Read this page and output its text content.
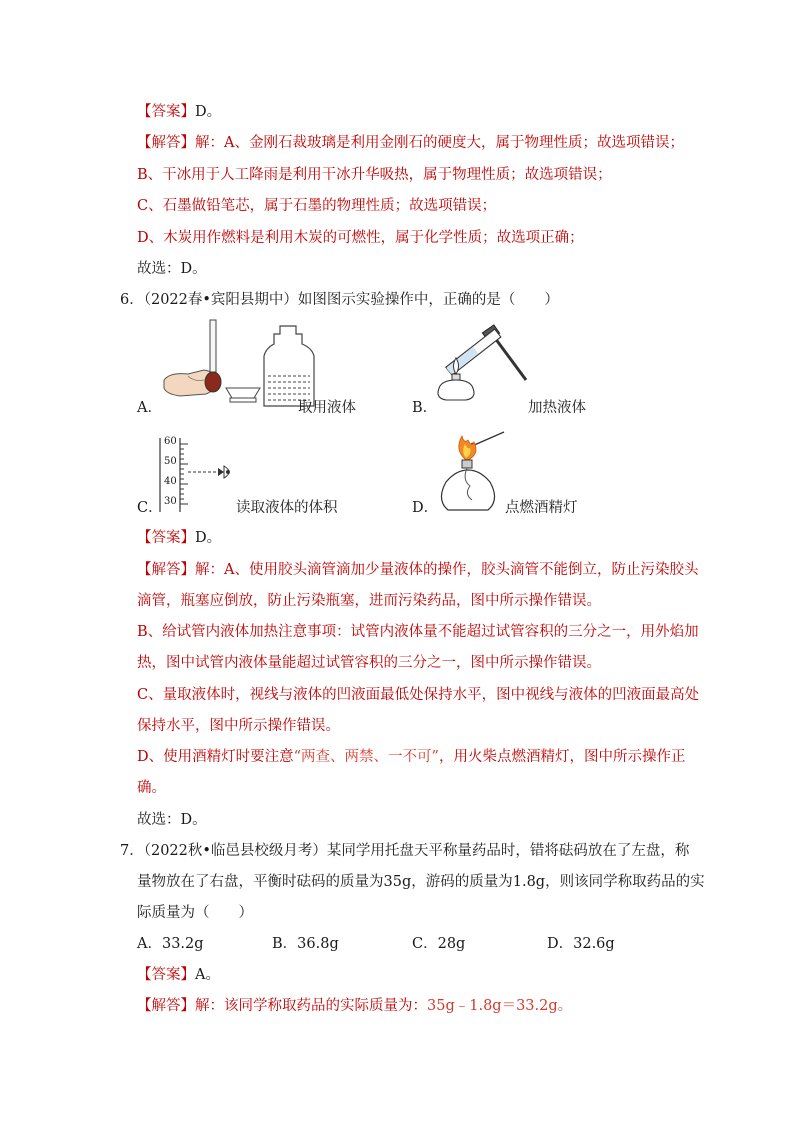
【答案】D。
【解答】解：A、金刚石裁玻璃是利用金刚石的硬度大，属于物理性质；故选项错误；
B、干冰用于人工降雨是利用干冰升华吸热，属于物理性质；故选项错误；
C、石墨做铅笔芯，属于石墨的物理性质；故选项错误；
D、木炭用作燃料是利用木炭的可燃性，属于化学性质；故选项正确；
故选：D。
6．（2022春•宾阳县期中）如图图示实验操作中，正确的是（　　）
A．	取用液体	B．	加热液体
60
50
40
30
C．	读取液体的体积	D．	点燃酒精灯
【答案】D。
【解答】解：A、使用胶头滴管滴加少量液体的操作，胶头滴管不能倒立，防止污染胶头
滴管，瓶塞应倒放，防止污染瓶塞，进而污染药品，图中所示操作错误。
B、给试管内液体加热注意事项：试管内液体量不能超过试管容积的三分之一，用外焰加
热，图中试管内液体量能超过试管容积的三分之一，图中所示操作错误。
C、量取液体时，视线与液体的凹液面最低处保持水平，图中视线与液体的凹液面最高处
保持水平，图中所示操作错误。
D、使用酒精灯时要注意“两查、两禁、一不可”，用火柴点燃酒精灯，图中所示操作正
确。
故选：D。
7．（2022秋•临邑县校级月考）某同学用托盘天平称量药品时，错将砝码放在了左盘，称
量物放在了右盘，平衡时砝码的质量为35g，游码的质量为1.8g，则该同学称取药品的实
际质量为（　　）
A．33.2g	B．36.8g	C．28g	D．32.6g
【答案】A。
【解答】解：该同学称取药品的实际质量为：35g﹣1.8g＝33.2g。
